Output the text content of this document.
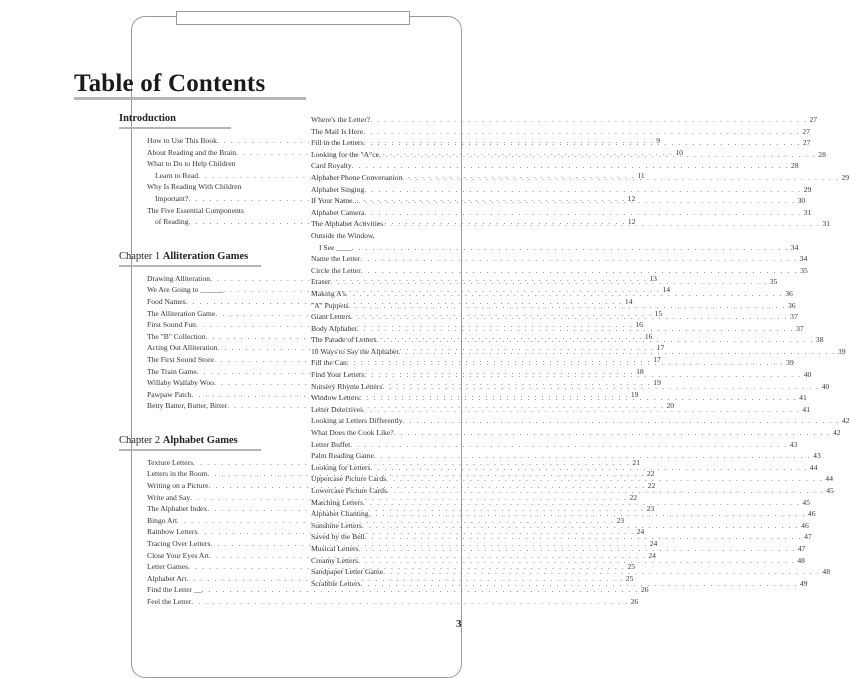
Table of Contents
Introduction
How to Use This Book . . .	9
About Reading and the Brain . . .	10
What to Do to Help Children
Learn to Read . . .	11
Why Is Reading With Children
Important? . . .	12
The Five Essential Components
of Reading . . .	12
Chapter 1 Alliteration Games
Drawing Alliteration . . .	13
We Are Going to ______ . . .	14
Food Names . . .	14
The Alliteration Game . . .	15
First Sound Fun . . .	16
The "B" Collection . . .	16
Acting Out Alliteration . . .	17
The First Sound Store . . .	17
The Train Game . . .	18
Willaby Wallaby Woo . . .	19
Pawpaw Patch . . .	19
Betty Batter, Butter, Bitter . . .	20
Chapter 2 Alphabet Games
Texture Letters . . .	21
Letters in the Room . . .	22
Writing on a Picture . . .	22
Write and Say . . .	22
The Alphabet Index . . .	23
Bingo Art . . .	23
Rainbow Letters . . .	24
Tracing Over Letters . . .	24
Close Your Eyes Art . . .	24
Letter Games . . .	25
Alphabet Art . . .	25
Find the Letter __ . . .	26
Feel the Letter . . .	26
Where's the Letter? . . .	27
The Mail Is Here . . .	27
Fill in the Letters . . .	27
Looking for the "A"ce . . .	28
Card Royalty . . .	28
Alphabet Phone Conversation . . .	29
Alphabet Singing . . .	29
If Your Name... . . .	30
Alphabet Camera . . .	31
The Alphabet Activities . . .	31
Outside the Window,
I See ____ . . .	34
Name the Letter . . .	34
Circle the Letter . . .	35
Eraser . . .	35
Making A's . . .	36
"A" Puppets . . .	36
Giant Letters . . .	37
Body Alphabet . . .	37
The Parade of Letters . . .	38
10 Ways to Say the Alphabet . . .	39
Fill the Can . . .	39
Find Your Letters . . .	40
Nursery Rhyme Letters . . .	40
Window Letters . . .	41
Letter Detectives . . .	41
Looking at Letters Differently . . .	42
What Does the Cook Like? . . .	42
Letter Buffet . . .	43
Palm Reading Game . . .	43
Looking for Letters . . .	44
Uppercase Picture Cards . . .	44
Lowercase Picture Cards . . .	45
Matching Letters . . .	45
Alphabet Chanting . . .	46
Sunshine Letters . . .	46
Saved by the Bell . . .	47
Musical Letters . . .	47
Creamy Letters . . .	48
Sandpaper Letter Game . . .	48
Scrabble Letters . . .	49

3
